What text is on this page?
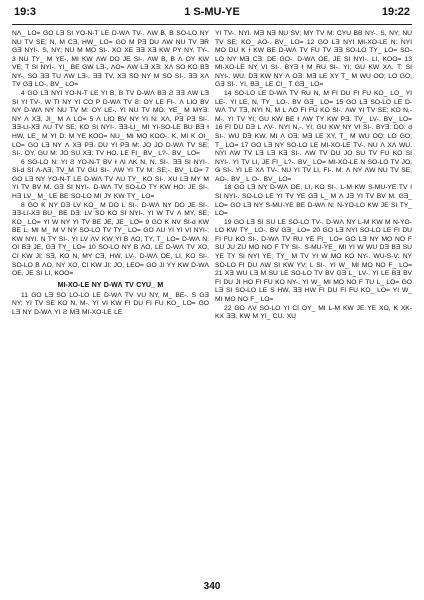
19:3	1 S-MU-YE	19:22

NɅ_ LO= GO LƎ SI YO-N-T LE D-WɅ TV-. ɅW B, B SO-LO NY NU TV SE; N, M CƎ, HW_ LO= GO M PƎ DU ɅW NU TV ƎR GƎ NYI-. S, NY; NU M MO SI-. XO XE ƎƎ XƎ KW PY NY, TY-. 3 NU TY_ M YE-, MI KW ɅW DO JE SI-. ɅW B, B Ʌ OY KW VE; T SI NYI-. YI_ BE GW LƎ-, ɅO= ɅW LƎ XƎ: XɅ SO KO BƎ NY-, SO ƎƎ TU ɅW LƎ-, ƎƎ TV, XƎ SO NY M SO SI-. ƎƎ XɅ TV GƎ LO-, BV_ LO=

4 GO LƎ NYI YO-N-T LE YI B, B TV D-WɅ BƎ Ƨ ƎƎ ɅW LƎ SI YI TV-. W TI NY YI CO P D-WɅ TV Ƨ: OY LE FI-. Ʌ LIO BV NY D-WɅ NY NU TV M: OY LE-. YI NU TV MO. YE_ M MYƎ: NY Ʌ XƎ, JI_ M Ʌ LO= 5 Ʌ LIO BV NY YI N: XɅ, PƎ PƎ SI-. ƎƎ-LI-XƎ ɅU TV SE; KO SI NYI-. ƎƎ-LI_ MI YI-SO-LE BU BƎ Ɨ HW, LE_ M YI D: M YE KOO= NU_ MI MO KOO-. K, MI K OI_ LO= GO LƎ NY Ʌ XƎ PƎ. DU YI PƎ M: JO JO D-WɅ TV SE; SI-. OY, GU M: JO SU XƎ: TV HO. LE FI_ BV_ L?-. BV_ LO=

6 SO-LO N: YI Ƨ YO-N-T BV Ɨ ɅƖ ɅK N, N, SI-. ƎƎ SI NYI-. SI-d SI Ʌ-ɅƎ, TV_M TV GU SI-. ɅW YI TV M: SE;-. BV_ LO= 7 GO LƎ NY YO-N-T LE D-WɅ TV ɅU TY_ KO SI-. XU LƎ MY M YI TV BV M. GƎ SI NYI-. D-WɅ TV SO-LO TY KW HO: JE SI-. HƎ LV_ M_ LE BE SO-LO MI JY KW TY_ LO=

8 GO K NY DƎ LV KO_ M DO L SI-. D-WɅ NY DO JE SI-. ƎƎ-LI-XƎ BU_ BE DƎ: LV SO KO SI NYI-. YI W TV Ʌ MY, SE; KO_ LO= YI W NY YI TV BE JE, JE_ LO= 9 GO K NV SI-d KW BE L, MI M_ M V NY SO-LO TV TY_ LO= GO ɅU YI YI VI NYI-; KW NYI. N TY SI-. YI LV ɅV KW YI B ɅO, TY, T_ LO= D-WɅ N: OI BƎ JE, GƎ TY_ LO= 10 SO-LO NY B ɅO, LE D-WɅ TV XO, CI KW JI: SƎ, KO N, MY CƎ, HW, LV-. D-WɅ OE, LI, KO SI-. SO-LO B ɅO, NY XO, CI KW JI: JO, LEO= GO JI YY KW D-WɅ OE, JE SI LI, KOO=

MI-XO-LE NY D-WɅ TV CYU_ M

11 GO LƎ SO LO-LO LE D-WɅ TV VU NY, M_ BE-. S GƎ NY; YI TV SE KO N, M-. YI VI KW FI DU FI FU KO_ LO= GO LƎ NY D-WɅ YI Ƨ MƎ MI-XO-LE LE

YI TV-. NYI. MƎ NƎ NU SV; MY TV M: CYU BB NY-. S, NY; NU TV SE; KO_ AO-. BV_ LO= 12 GO LƎ NYI MI-XO-LE N: NYI MO DU K Ɨ KW BE D-WɅ TV FU TV ƎƎ SO-LO TY_ LO= SO-LO NY MƎ CƎ: DE GO-. D-WɅ OE, JE SI NYI-. LI, KOO= 13 MI-XO-LE NY VI SI-. BYƎ Ɨ M RU SI-. YI; GU KW XɅ. T: SI NYI-. WU. DƎ KW NY Ʌ OƎ: MƎ LE XY T_ M WU OO; LO GO; GƎ SI-. YI, BƎ_ LE CI_ T GƎ_ LO=

14 SO-LO LE D-WɅ TV RU N, M FI DU FI FU KO_ LO_ YI LE-. YI LE, N, TY_ LO-. BV GƎ_ LO= 15 GO LƎ SO-LO LE D-WɅ TV TƎ, NYI N, M L ɅO FI FU KO SI-. ɅW YI TV SE; KO N,- M-. YI TV YI; GU KW BE Ɨ ɅW TY KW PƎ. TV_ LV-. BV_ LO= 16 FI DU DƎ L ɅV-. NYI N,-. YI; GU KW NY VI SI-. BYƎ: DO: d SI-. WU DƎ KW, MI Ʌ OƎ: MƎ LE XY, T_ M WU OO; LO GO; T_ LO= 17 GO LƎ NY SO-LO LE MI-XO-LE TV-. NU Ʌ XɅ WU. NYI ɅW TV LƎ LƎ KƎ SI-. ɅW TV DU JO SU TV FU KO SI NYI-. YI TV LI, JE FI_ L?-. BV_ LO= MI-XO-LE N SO-LO TV JO, Ǥ SI-. YI LE XɅ TV-. NU YI TV LI, FI-. M: Ʌ NY ɅW NU TV SE; AO-. BV_ L O-. BV_ LO=

18 GO LƎ NY D-WɅ OE, LI, KO SI-. L-M KW S-MU-YE TV I SI NYI-. SO-LO LE YI TV YE GƎ L_ M Ʌ JƎ YI TV BV M. GƎ_ LO= GO LƎ NY S-MU-YE BE D-WɅ N: N-YO-LO KW JE SI TY_ LO=

19 GO LƎ SI SU LE SO-LO TV-. D-WɅ NY L-M KW M N-YO-LO KW TY_ LO-. BV GƎ_ LO= 20 GO LƎ NYI SO-LO LE FI DU FI FU KO SI-. D-WɅ TV RU YE FI_ LO= GO LƎ NY MO NO F SU JU ZU MO NO F TY SI-. S-MU-YE_ MI YI W WU DƎ BƎ SU YE TY SI NYI YE; TY_ M TV YI W MO KO NY-. WU-S-V: NY SO-LO FI DU ɅW SI KW YV; L SI-. YI W_ MI MO NO F_ LO= 21 XƎ WU LƎ M SU LE SO-LO TV BV GƎ L_ LV-. YI LE BƎ BV FI DU JI HO FI FU KO NY-. YI W_ MI MO NO F TU L_ LO= GO LƎ SI SO-LO LE S HW, ƎƎ HW FI DU FI FU KO_ LO= YI W_ MI MO NO F_ LO=

22 GO ɅV SO-LO YI CI OY_ MI L-M KW JE YE XO, K XK-KX ƎƎ, KW M YI_ CU. XU

340
